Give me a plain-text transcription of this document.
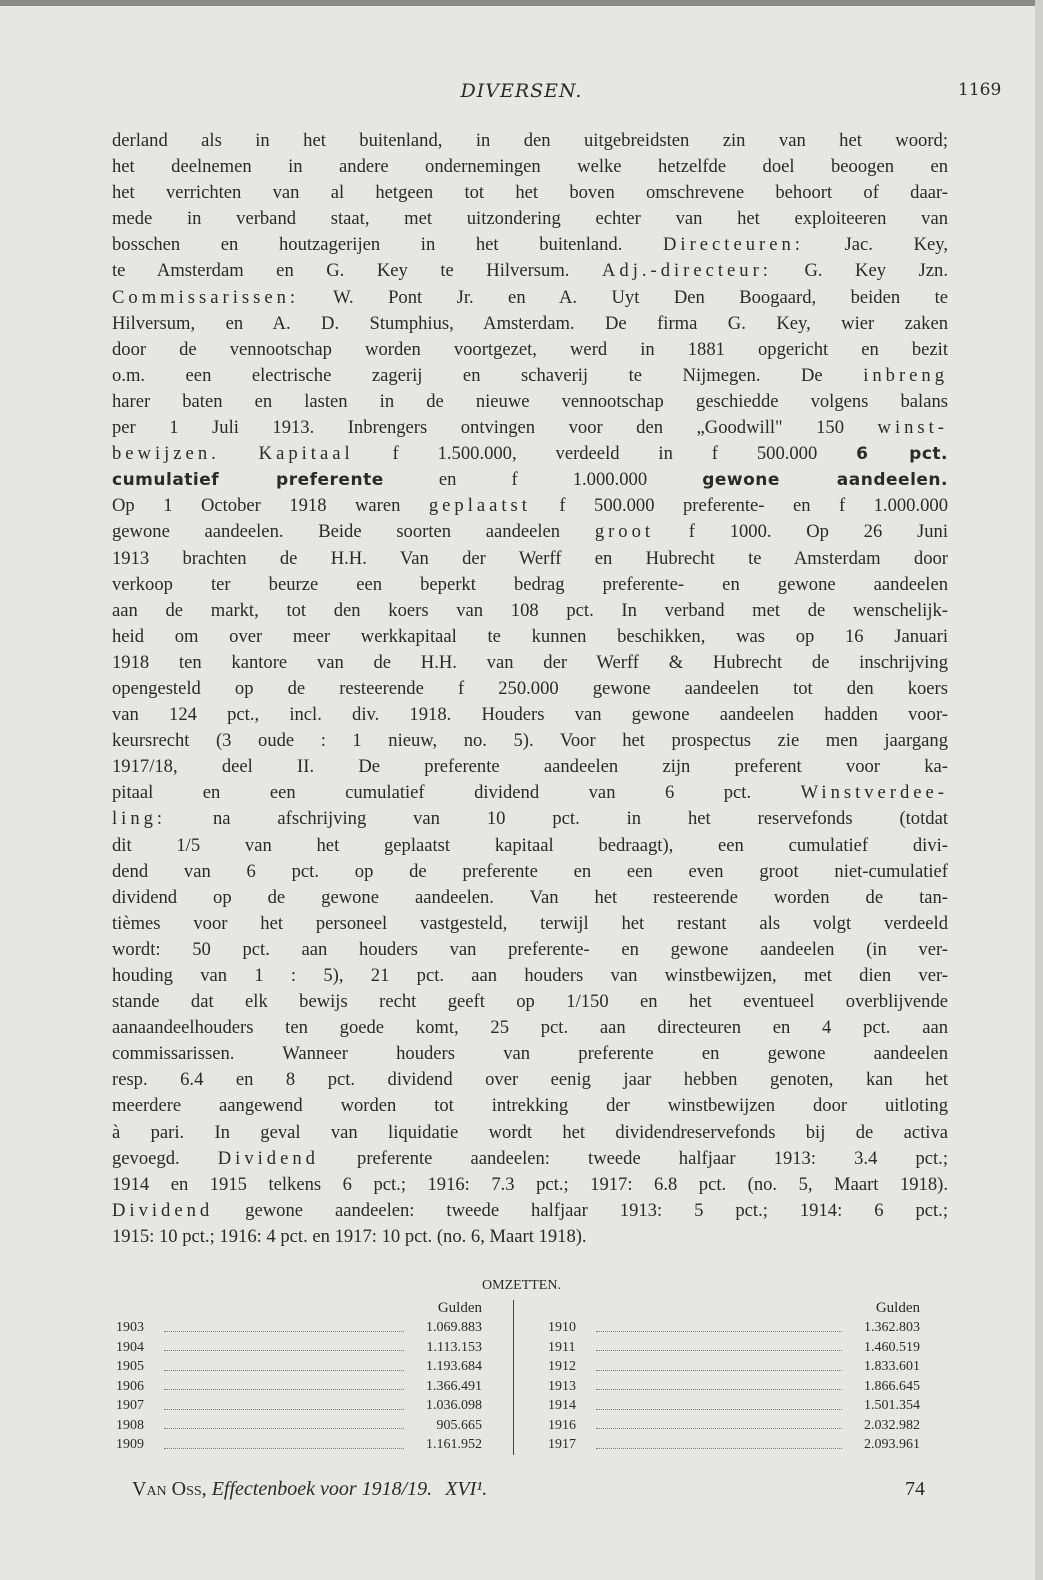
DIVERSEN.	1169
derland als in het buitenland, in den uitgebreidsten zin van het woord;
het deelnemen in andere ondernemingen welke hetzelfde doel beoogen en
het verrichten van al hetgeen tot het boven omschrevene behoort of daar-
mede in verband staat, met uitzondering echter van het exploiteeren van
bosschen en houtzagerijen in het buitenland. Directeuren: Jac. Key,
te Amsterdam en G. Key te Hilversum. Adj.-directeur: G. Key Jzn.
Commissarissen: W. Pont Jr. en A. Uyt Den Boogaard, beiden te
Hilversum, en A. D. Stumphius, Amsterdam. De firma G. Key, wier zaken
door de vennootschap worden voortgezet, werd in 1881 opgericht en bezit
o.m. een electrische zagerij en schaverij te Nijmegen. De inbreng
harer baten en lasten in de nieuwe vennootschap geschiedde volgens balans
per 1 Juli 1913. Inbrengers ontvingen voor den „Goodwill" 150 winst-
bewijzen. Kapitaal f 1.500.000, verdeeld in f 500.000 6 pct.
cumulatief preferente en f 1.000.000 gewone aandeelen.
Op 1 October 1918 waren geplaatst f 500.000 preferente- en f 1.000.000
gewone aandeelen. Beide soorten aandeelen groot f 1000. Op 26 Juni
1913 brachten de H.H. Van der Werff en Hubrecht te Amsterdam door
verkoop ter beurze een beperkt bedrag preferente- en gewone aandeelen
aan de markt, tot den koers van 108 pct. In verband met de wenschelijk-
heid om over meer werkkapitaal te kunnen beschikken, was op 16 Januari
1918 ten kantore van de H.H. van der Werff & Hubrecht de inschrijving
opengesteld op de resteerende f 250.000 gewone aandeelen tot den koers
van 124 pct., incl. div. 1918. Houders van gewone aandeelen hadden voor-
keursrecht (3 oude : 1 nieuw, no. 5). Voor het prospectus zie men jaargang
1917/18, deel II. De preferente aandeelen zijn preferent voor ka-
pitaal en een cumulatief dividend van 6 pct. Winstverdee-
ling: na afschrijving van 10 pct. in het reservefonds (totdat
dit 1/5 van het geplaatst kapitaal bedraagt), een cumulatief divi-
dend van 6 pct. op de preferente en een even groot niet-cumulatief
dividend op de gewone aandeelen. Van het resteerende worden de tan-
tièmes voor het personeel vastgesteld, terwijl het restant als volgt verdeeld
wordt: 50 pct. aan houders van preferente- en gewone aandeelen (in ver-
houding van 1 : 5), 21 pct. aan houders van winstbewijzen, met dien ver-
stande dat elk bewijs recht geeft op 1/150 en het eventueel overblijvende
aanaandeelhouders ten goede komt, 25 pct. aan directeuren en 4 pct. aan
commissarissen. Wanneer houders van preferente en gewone aandeelen
resp. 6.4 en 8 pct. dividend over eenig jaar hebben genoten, kan het
meerdere aangewend worden tot intrekking der winstbewijzen door uitloting
à pari. In geval van liquidatie wordt het dividendreservefonds bij de activa
gevoegd. Dividend preferente aandeelen: tweede halfjaar 1913: 3.4 pct.;
1914 en 1915 telkens 6 pct.; 1916: 7.3 pct.; 1917: 6.8 pct. (no. 5, Maart 1918).
Dividend gewone aandeelen: tweede halfjaar 1913: 5 pct.; 1914: 6 pct.;
1915: 10 pct.; 1916: 4 pct. en 1917: 10 pct. (no. 6, Maart 1918).
OMZETTEN.
Gulden
1903	1.069.883
1904	1.113.153
1905	1.193.684
1906	1.366.491
1907	1.036.098
1908	905.665
1909	1.161.952
Gulden
1910	1.362.803
1911	1.460.519
1912	1.833.601
1913	1.866.645
1914	1.501.354
1916	2.032.982
1917	2.093.961
Van Oss, Effectenboek voor 1918/19. XVI¹.	74
